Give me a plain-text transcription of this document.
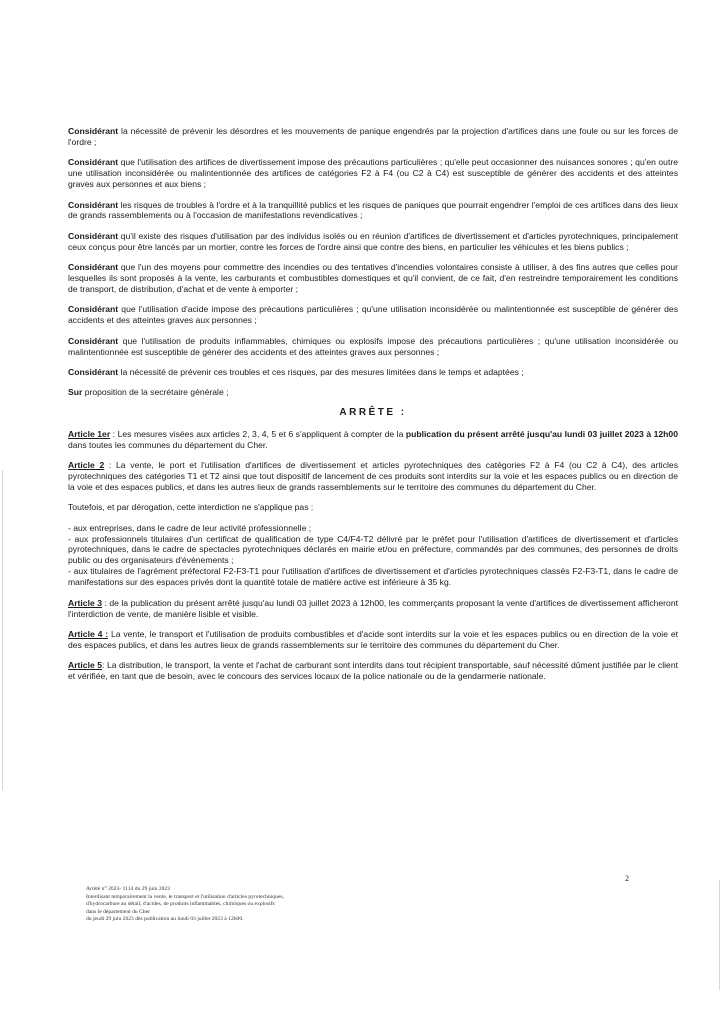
Considérant la nécessité de prévenir les désordres et les mouvements de panique engendrés par la projection d'artifices dans une foule ou sur les forces de l'ordre ;

Considérant que l'utilisation des artifices de divertissement impose des précautions particulières ; qu'elle peut occasionner des nuisances sonores ; qu'en outre une utilisation inconsidérée ou malintentionnée des artifices de catégories F2 à F4 (ou C2 à C4) est susceptible de générer des accidents et des atteintes graves aux personnes et aux biens ;

Considérant les risques de troubles à l'ordre et à la tranquillité publics et les risques de paniques que pourrait engendrer l'emploi de ces artifices dans des lieux de grands rassemblements ou à l'occasion de manifestations revendicatives ;

Considérant qu'il existe des risques d'utilisation par des individus isolés ou en réunion d'artifices de divertissement et d'articles pyrotechniques, principalement ceux conçus pour être lancés par un mortier, contre les forces de l'ordre ainsi que contre des biens, en particulier les véhicules et les biens publics ;

Considérant que l'un des moyens pour commettre des incendies ou des tentatives d'incendies volontaires consiste à utiliser, à des fins autres que celles pour lesquelles ils sont proposés à la vente, les carburants et combustibles domestiques et qu'il convient, de ce fait, d'en restreindre temporairement les conditions de transport, de distribution, d'achat et de vente à emporter ;

Considérant que l'utilisation d'acide impose des précautions particulières ; qu'une utilisation inconsidérée ou malintentionnée est susceptible de générer des accidents et des atteintes graves aux personnes ;

Considérant que l'utilisation de produits inflammables, chimiques ou explosifs impose des précautions particulières ; qu'une utilisation inconsidérée ou malintentionnée est susceptible de générer des accidents et des atteintes graves aux personnes ;

Considérant la nécessité de prévenir ces troubles et ces risques, par des mesures limitées dans le temps et adaptées ;

Sur proposition de la secrétaire générale ;

ARRÊTE :

Article 1er : Les mesures visées aux articles 2, 3, 4, 5 et 6 s'appliquent à compter de la publication du présent arrêté jusqu'au lundi 03 juillet 2023 à 12h00 dans toutes les communes du département du Cher.

Article 2 : La vente, le port et l'utilisation d'artifices de divertissement et articles pyrotechniques des catégories F2 à F4 (ou C2 à C4), des articles pyrotechniques des catégories T1 et T2 ainsi que tout dispositif de lancement de ces produits sont interdits sur la voie et les espaces publics ou en direction de la voie et des espaces publics, et dans les autres lieux de grands rassemblements sur le territoire des communes du département du Cher.

Toutefois, et par dérogation, cette interdiction ne s'applique pas :

- aux entreprises, dans le cadre de leur activité professionnelle ;
- aux professionnels titulaires d'un certificat de qualification de type C4/F4-T2 délivré par le préfet pour l'utilisation d'artifices de divertissement et d'articles pyrotechniques, dans le cadre de spectacles pyrotechniques déclarés en mairie et/ou en préfecture, commandés par des communes, des personnes de droits public ou des organisateurs d'évènements ;
- aux titulaires de l'agrément préfectoral F2-F3-T1 pour l'utilisation d'artifices de divertissement et d'articles pyrotechniques classés F2-F3-T1, dans le cadre de manifestations sur des espaces privés dont la quantité totale de matière active est inférieure à 35 kg.

Article 3 : de la publication du présent arrêté jusqu'au lundi 03 juillet 2023 à 12h00, les commerçants proposant la vente d'artifices de divertissement afficheront l'interdiction de vente, de manière lisible et visible.

Article 4 : La vente, le transport et l'utilisation de produits combustibles et d'acide sont interdits sur la voie et les espaces publics ou en direction de la voie et des espaces publics, et dans les autres lieux de grands rassemblements sur le territoire des communes du département du Cher.

Article 5: La distribution, le transport, la vente et l'achat de carburant sont interdits dans tout récipient transportable, sauf nécessité dûment justifiée par le client et vérifiée, en tant que de besoin, avec le concours des services locaux de la police nationale ou de la gendarmerie nationale.

2
Arrêté n° 2023- 1114 du 29 juin 2023
Interdisant temporairement la vente, le transport et l'utilisation d'articles pyrotechniques,
d'hydrocarbure au détail, d'acides, de produits inflammables, chimiques ou explosifs
dans le département du Cher
du jeudi 29 juin 2023 dès publication au lundi 03 juillet 2023 à 12h00.
